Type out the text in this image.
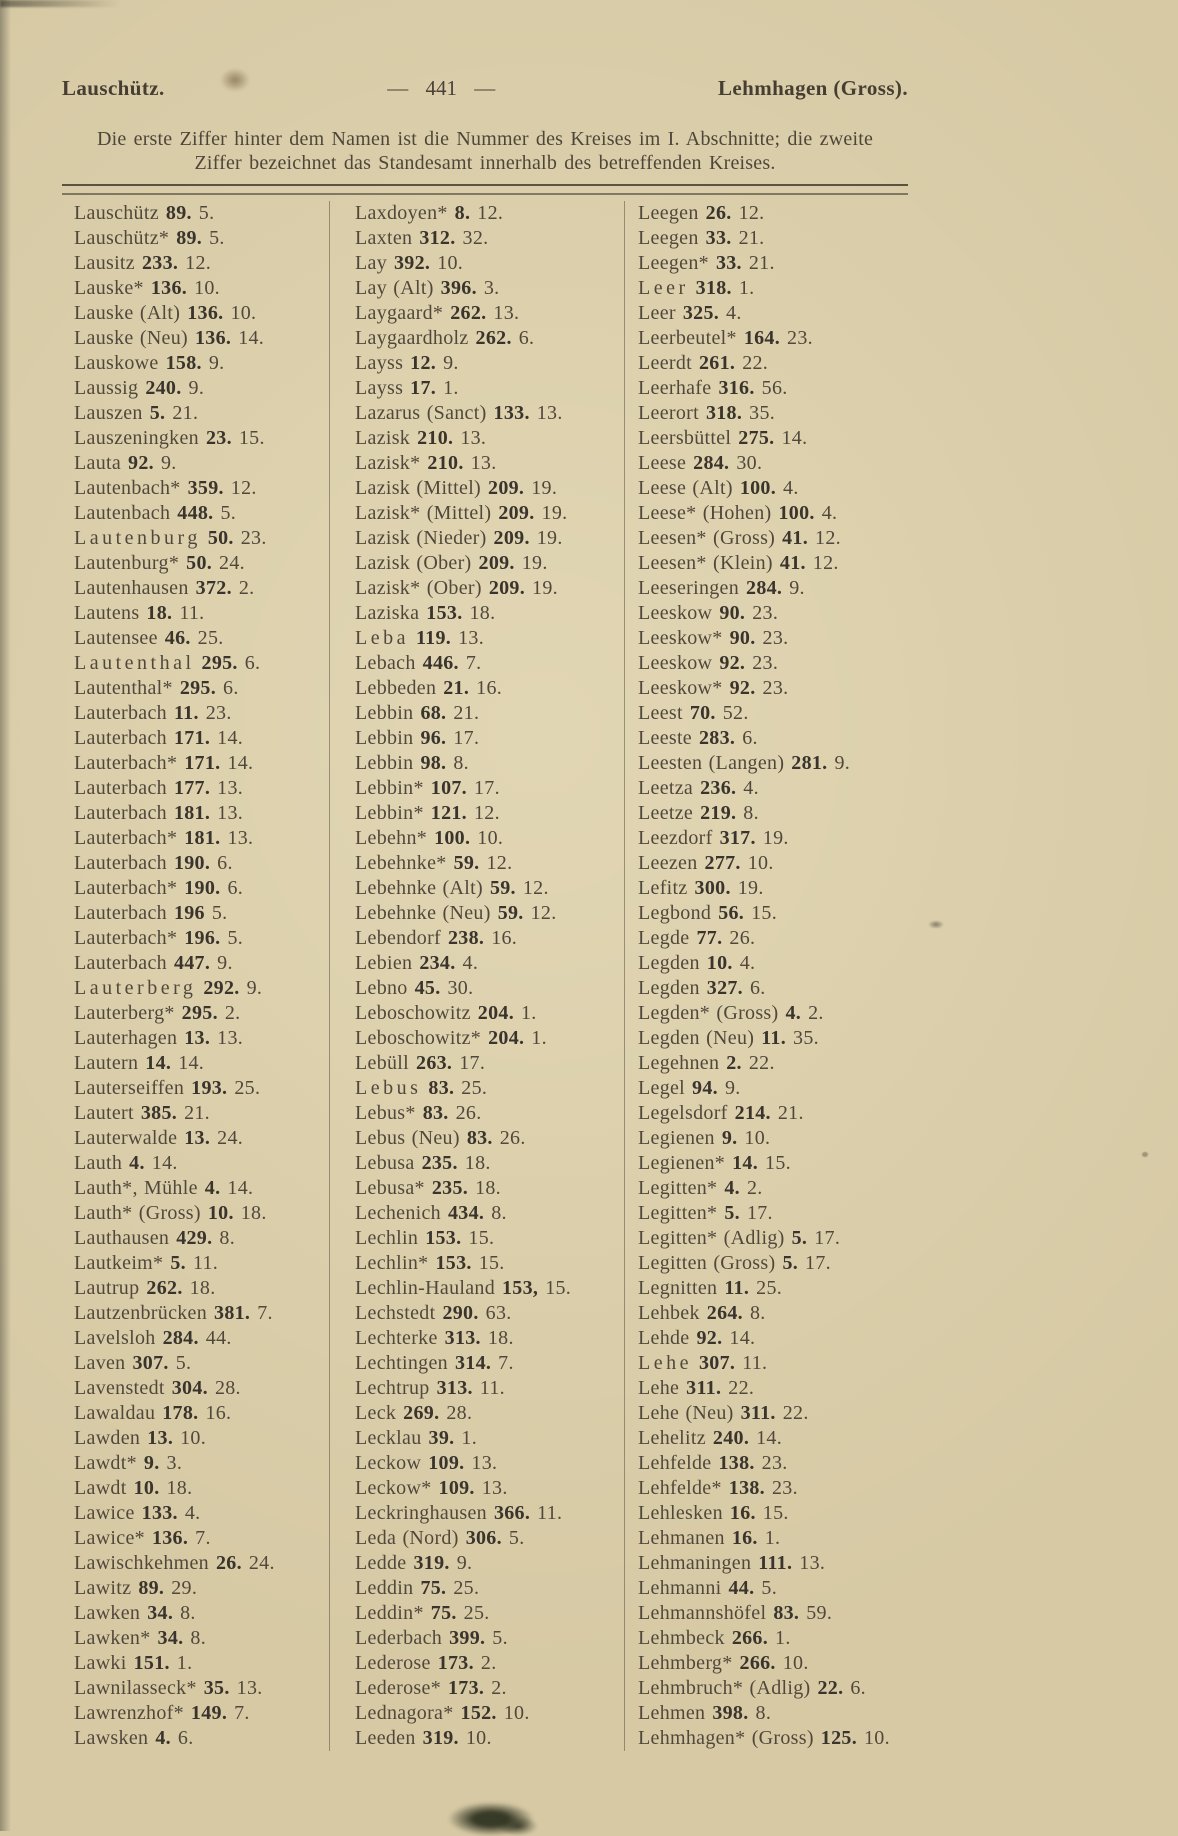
Lauschütz.	— 441 —	Lehmhagen (Gross).
Die erste Ziffer hinter dem Namen ist die Nummer des Kreises im I. Abschnitte; die zweite
Ziffer bezeichnet das Standesamt innerhalb des betreffenden Kreises.

Lauschütz 89. 5.

Lauschütz* 89. 5.

Lausitz 233. 12.

Lauske* 136. 10.

Lauske (Alt) 136. 10.

Lauske (Neu) 136. 14.

Lauskowe 158. 9.

Laussig 240. 9.

Lauszen 5. 21.

Lauszeningken 23. 15.

Lauta 92. 9.

Lautenbach* 359. 12.

Lautenbach 448. 5.

Lautenburg 50. 23.

Lautenburg* 50. 24.

Lautenhausen 372. 2.

Lautens 18. 11.

Lautensee 46. 25.

Lautenthal 295. 6.

Lautenthal* 295. 6.

Lauterbach 11. 23.

Lauterbach 171. 14.

Lauterbach* 171. 14.

Lauterbach 177. 13.

Lauterbach 181. 13.

Lauterbach* 181. 13.

Lauterbach 190. 6.

Lauterbach* 190. 6.

Lauterbach 196 5.

Lauterbach* 196. 5.

Lauterbach 447. 9.

Lauterberg 292. 9.

Lauterberg* 295. 2.

Lauterhagen 13. 13.

Lautern 14. 14.

Lauterseiffen 193. 25.

Lautert 385. 21.

Lauterwalde 13. 24.

Lauth 4. 14.

Lauth*, Mühle 4. 14.

Lauth* (Gross) 10. 18.

Lauthausen 429. 8.

Lautkeim* 5. 11.

Lautrup 262. 18.

Lautzenbrücken 381. 7.

Lavelsloh 284. 44.

Laven 307. 5.

Lavenstedt 304. 28.

Lawaldau 178. 16.

Lawden 13. 10.

Lawdt* 9. 3.

Lawdt 10. 18.

Lawice 133. 4.

Lawice* 136. 7.

Lawischkehmen 26. 24.

Lawitz 89. 29.

Lawken 34. 8.

Lawken* 34. 8.

Lawki 151. 1.

Lawnilasseck* 35. 13.

Lawrenzhof* 149. 7.

Lawsken 4. 6.

Laxdoyen* 8. 12.

Laxten 312. 32.

Lay 392. 10.

Lay (Alt) 396. 3.

Laygaard* 262. 13.

Laygaardholz 262. 6.

Layss 12. 9.

Layss 17. 1.

Lazarus (Sanct) 133. 13.

Lazisk 210. 13.

Lazisk* 210. 13.

Lazisk (Mittel) 209. 19.

Lazisk* (Mittel) 209. 19.

Lazisk (Nieder) 209. 19.

Lazisk (Ober) 209. 19.

Lazisk* (Ober) 209. 19.

Laziska 153. 18.

Leba 119. 13.

Lebach 446. 7.

Lebbeden 21. 16.

Lebbin 68. 21.

Lebbin 96. 17.

Lebbin 98. 8.

Lebbin* 107. 17.

Lebbin* 121. 12.

Lebehn* 100. 10.

Lebehnke* 59. 12.

Lebehnke (Alt) 59. 12.

Lebehnke (Neu) 59. 12.

Lebendorf 238. 16.

Lebien 234. 4.

Lebno 45. 30.

Leboschowitz 204. 1.

Leboschowitz* 204. 1.

Lebüll 263. 17.

Lebus 83. 25.

Lebus* 83. 26.

Lebus (Neu) 83. 26.

Lebusa 235. 18.

Lebusa* 235. 18.

Lechenich 434. 8.

Lechlin 153. 15.

Lechlin* 153. 15.

Lechlin-Hauland 153, 15.

Lechstedt 290. 63.

Lechterke 313. 18.

Lechtingen 314. 7.

Lechtrup 313. 11.

Leck 269. 28.

Lecklau 39. 1.

Leckow 109. 13.

Leckow* 109. 13.

Leckringhausen 366. 11.

Leda (Nord) 306. 5.

Ledde 319. 9.

Leddin 75. 25.

Leddin* 75. 25.

Lederbach 399. 5.

Lederose 173. 2.

Lederose* 173. 2.

Lednagora* 152. 10.

Leeden 319. 10.

Leegen 26. 12.

Leegen 33. 21.

Leegen* 33. 21.

Leer 318. 1.

Leer 325. 4.

Leerbeutel* 164. 23.

Leerdt 261. 22.

Leerhafe 316. 56.

Leerort 318. 35.

Leersbüttel 275. 14.

Leese 284. 30.

Leese (Alt) 100. 4.

Leese* (Hohen) 100. 4.

Leesen* (Gross) 41. 12.

Leesen* (Klein) 41. 12.

Leeseringen 284. 9.

Leeskow 90. 23.

Leeskow* 90. 23.

Leeskow 92. 23.

Leeskow* 92. 23.

Leest 70. 52.

Leeste 283. 6.

Leesten (Langen) 281. 9.

Leetza 236. 4.

Leetze 219. 8.

Leezdorf 317. 19.

Leezen 277. 10.

Lefitz 300. 19.

Legbond 56. 15.

Legde 77. 26.

Legden 10. 4.

Legden 327. 6.

Legden* (Gross) 4. 2.

Legden (Neu) 11. 35.

Legehnen 2. 22.

Legel 94. 9.

Legelsdorf 214. 21.

Legienen 9. 10.

Legienen* 14. 15.

Legitten* 4. 2.

Legitten* 5. 17.

Legitten* (Adlig) 5. 17.

Legitten (Gross) 5. 17.

Legnitten 11. 25.

Lehbek 264. 8.

Lehde 92. 14.

Lehe 307. 11.

Lehe 311. 22.

Lehe (Neu) 311. 22.

Lehelitz 240. 14.

Lehfelde 138. 23.

Lehfelde* 138. 23.

Lehlesken 16. 15.

Lehmanen 16. 1.

Lehmaningen 111. 13.

Lehmanni 44. 5.

Lehmannshöfel 83. 59.

Lehmbeck 266. 1.

Lehmberg* 266. 10.

Lehmbruch* (Adlig) 22. 6.

Lehmen 398. 8.

Lehmhagen* (Gross) 125. 10.
